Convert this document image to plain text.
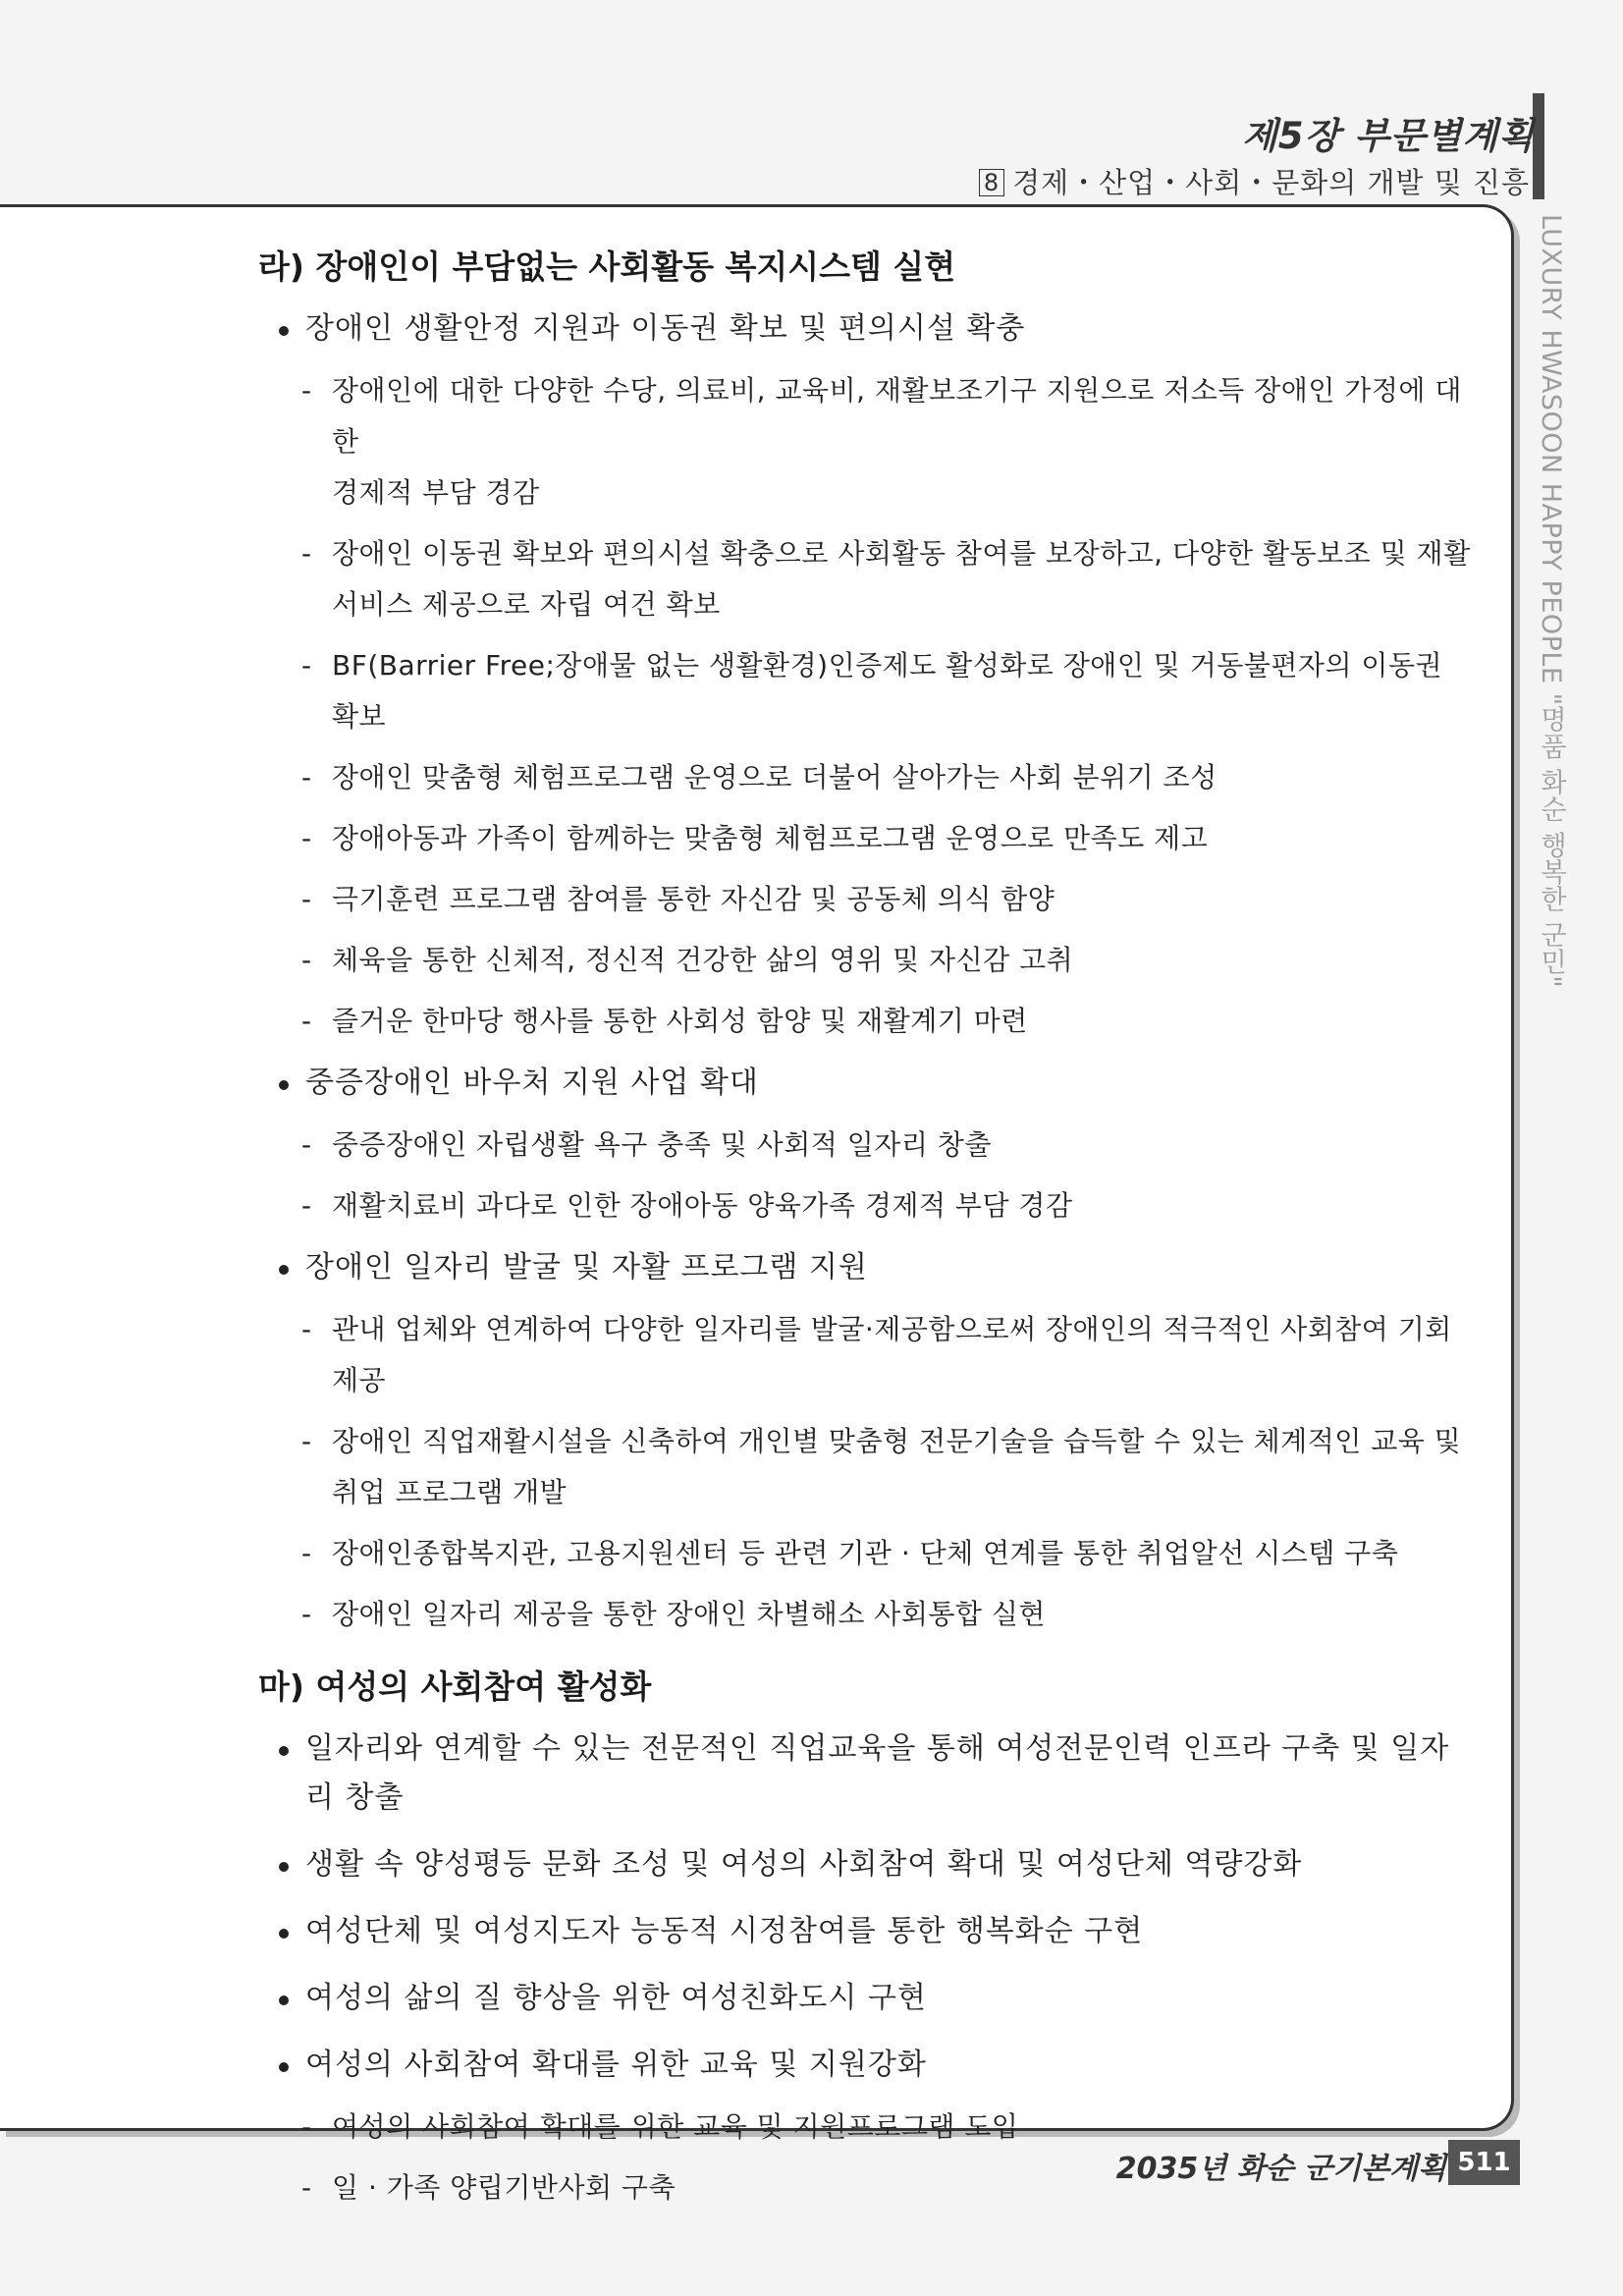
제5장 부문별계획
8 경제・산업・사회・문화의 개발 및 진흥
LUXURY HWASOON HAPPY PEOPLE "명품 화순 행복한 군민"

라) 장애인이 부담없는 사회활동 복지시스템 실현

장애인 생활안정 지원과 이동권 확보 및 편의시설 확충

- 장애인에 대한 다양한 수당, 의료비, 교육비, 재활보조기구 지원으로 저소득 장애인 가정에 대한
경제적 부담 경감
- 장애인 이동권 확보와 편의시설 확충으로 사회활동 참여를 보장하고, 다양한 활동보조 및 재활
서비스 제공으로 자립 여건 확보
- BF(Barrier Free;장애물 없는 생활환경)인증제도 활성화로 장애인 및 거동불편자의 이동권 확보
- 장애인 맞춤형 체험프로그램 운영으로 더불어 살아가는 사회 분위기 조성
- 장애아동과 가족이 함께하는 맞춤형 체험프로그램 운영으로 만족도 제고
- 극기훈련 프로그램 참여를 통한 자신감 및 공동체 의식 함양
- 체육을 통한 신체적, 정신적 건강한 삶의 영위 및 자신감 고취
- 즐거운 한마당 행사를 통한 사회성 함양 및 재활계기 마련

중증장애인 바우처 지원 사업 확대

- 중증장애인 자립생활 욕구 충족 및 사회적 일자리 창출
- 재활치료비 과다로 인한 장애아동 양육가족 경제적 부담 경감

장애인 일자리 발굴 및 자활 프로그램 지원

- 관내 업체와 연계하여 다양한 일자리를 발굴·제공함으로써 장애인의 적극적인 사회참여 기회 제공
- 장애인 직업재활시설을 신축하여 개인별 맞춤형 전문기술을 습득할 수 있는 체계적인 교육 및
취업 프로그램 개발
- 장애인종합복지관, 고용지원센터 등 관련 기관 · 단체 연계를 통한 취업알선 시스템 구축
- 장애인 일자리 제공을 통한 장애인 차별해소 사회통합 실현

마) 여성의 사회참여 활성화

일자리와 연계할 수 있는 전문적인 직업교육을 통해 여성전문인력 인프라 구축 및 일자리 창출

생활 속 양성평등 문화 조성 및 여성의 사회참여 확대 및 여성단체 역량강화

여성단체 및 여성지도자 능동적 시정참여를 통한 행복화순 구현

여성의 삶의 질 향상을 위한 여성친화도시 구현

여성의 사회참여 확대를 위한 교육 및 지원강화

- 여성의 사회참여 확대를 위한 교육 및 지원프로그램 도입
- 일 · 가족 양립기반사회 구축
2035년 화순 군기본계획 511
